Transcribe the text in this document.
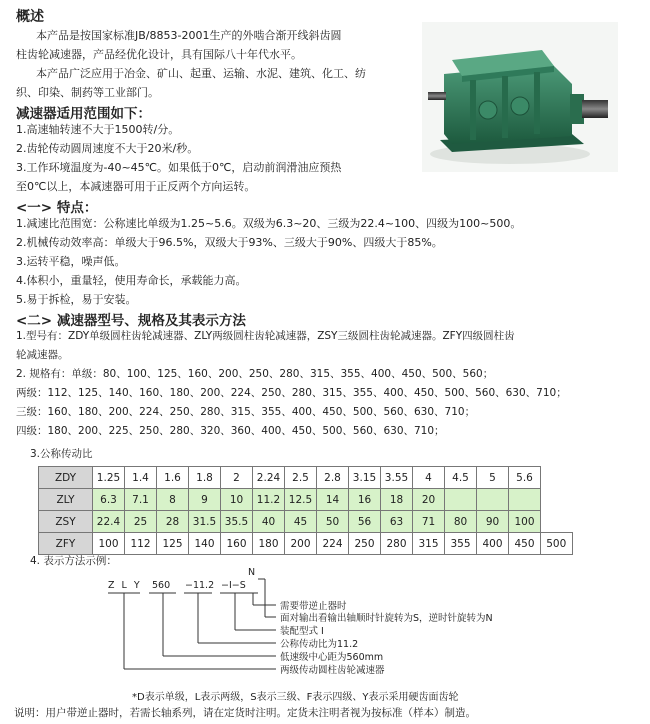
概述
本产品是按国家标准JB/8853-2001生产的外啮合渐开线斜齿圆
柱齿轮减速器，产品经优化设计，具有国际八十年代水平。
本产品广泛应用于冶金、矿山、起重、运输、水泥、建筑、化工、纺
织、印染、制药等工业部门。
减速器适用范围如下：
1.高速轴转速不大于1500转/分。
2.齿轮传动圆周速度不大于20米/秒。
3.工作环境温度为-40~45℃。如果低于0℃，启动前润滑油应预热
至0℃以上，本减速器可用于正反两个方向运转。
<一> 特点：
1.减速比范围宽：公称速比单级为1.25~5.6。双级为6.3~20、三级为22.4~100、四级为100~500。
2.机械传动效率高：单级大于96.5%，双级大于93%、三级大于90%、四级大于85%。
3.运转平稳，噪声低。
4.体积小，重量轻，使用寿命长，承载能力高。
5.易于拆检，易于安装。
<二> 减速器型号、规格及其表示方法
1.型号有：ZDY单级圆柱齿轮减速器、ZLY两级圆柱齿轮减速器，ZSY三级圆柱齿轮减速器。ZFY四级圆柱齿
轮减速器。
2. 规格有：单级：80、100、125、160、200、250、280、315、355、400、450、500、560；
两级：112、125、140、160、180、200、224、250、280、315、355、400、450、500、560、630、710；
三级：160、180、200、224、250、280、315、355、400、450、500、560、630、710；
四级：180、200、225、250、280、320、360、400、450、500、560、630、710；
3.公称传动比
ZDY	1.25	1.4	1.6	1.8	2	2.24	2.5	2.8	3.15	3.55	4	4.5	5	5.6	
ZLY	6.3	7.1	8	9	10	11.2	12.5	14	16	18	20				
ZSY	22.4	25	28	31.5	35.5	40	45	50	56	63	71	80	90	100	
ZFY	100	112	125	140	160	180	200	224	250	280	315	355	400	450	500
4. 表示方法示例：
Z L Y 560 −11.2 −I−S
N
需要带逆止器时
面对输出看输出轴顺时针旋转为S，逆时针旋转为N
装配型式 I
公称传动比为11.2
低速级中心距为560mm
两级传动圆柱齿轮减速器
*D表示单级，L表示两级，S表示三级、F表示四级、Y表示采用硬齿面齿轮
说明：用户带逆止器时，若需长轴系列，请在定货时注明。定货未注明者视为按标准（样本）制造。
